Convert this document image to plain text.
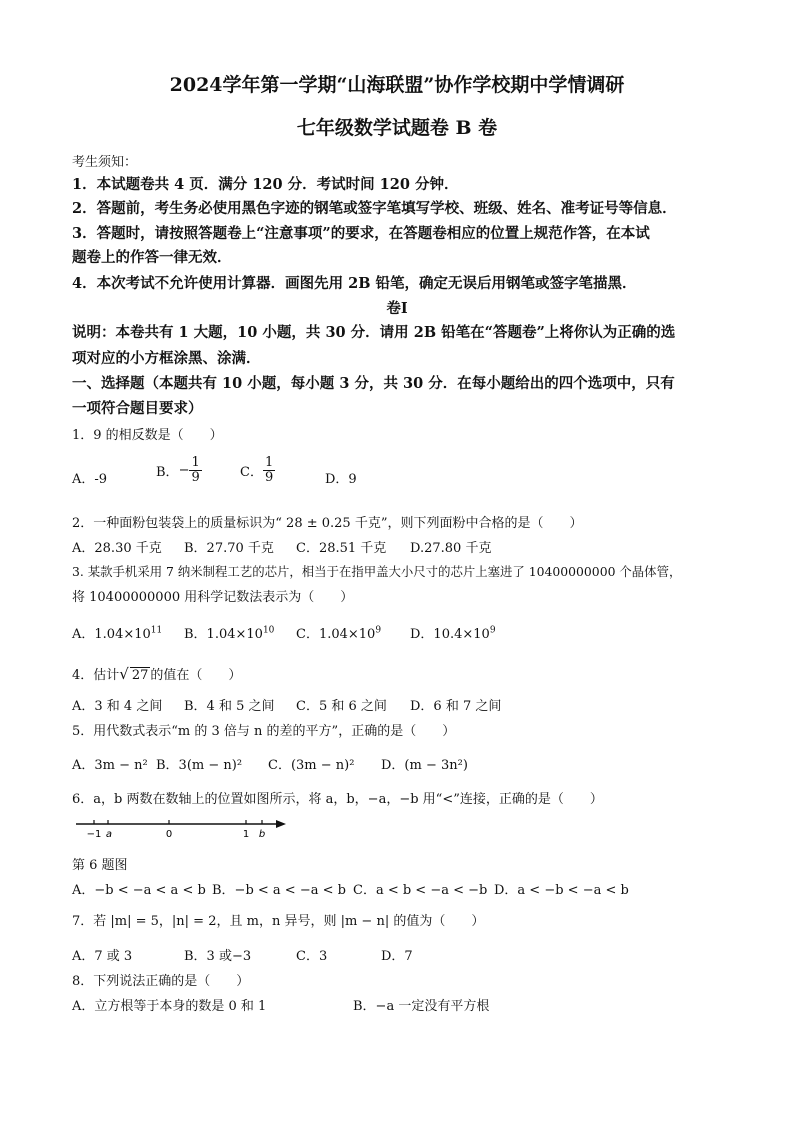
2024学年第一学期“山海联盟”协作学校期中学情调研
七年级数学试题卷 B 卷
考生须知：
1．本试题卷共 4 页．满分 120 分．考试时间 120 分钟．
2．答题前，考生务必使用黑色字迹的钢笔或签字笔填写学校、班级、姓名、准考证号等信息．
3．答题时，请按照答题卷上“注意事项”的要求，在答题卷相应的位置上规范作答，在本试
题卷上的作答一律无效．
4．本次考试不允许使用计算器．画图先用 2B 铅笔，确定无误后用钢笔或签字笔描黑．
卷Ⅰ
说明：本卷共有 1 大题，10 小题，共 30 分．请用 2B 铅笔在“答题卷”上将你认为正确的选
项对应的小方框涂黑、涂满．
一、选择题（本题共有 10 小题，每小题 3 分，共 30 分．在每小题给出的四个选项中，只有
一项符合题目要求）
1．9 的相反数是（　　）
A．-9	B．− $\frac{1}{9}$	C． $\frac{1}{9}$	D．9
2．一种面粉包装袋上的质量标识为“ 28 ± 0.25 千克”，则下列面粉中合格的是（　　）
A．28.30 千克 B．27.70 千克 C．28.51 千克 D.27.80 千克
3. 某款手机采用 7 纳米制程工艺的芯片，相当于在指甲盖大小尺寸的芯片上塞进了 10400000000 个晶体管，
将 10400000000 用科学记数法表示为（　　）
A．$1.04\times 10^{11}$ B．$1.04\times 10^{10}$ C．$1.04\times 10^9$ D．$10.4\times 10^9$
4．估计√ 27 的值在（　　）
A．3 和 4 之间 B．4 和 5 之间 C．5 和 6 之间 D．6 和 7 之间
5．用代数式表示“m 的 3 倍与 n 的差的平方”，正确的是（　　）
A．3m − n² B．3(m − n)² C．(3m − n)² D．(m − 3n²)
6．a，b 两数在数轴上的位置如图所示，将 a，b，−a，−b 用“<”连接，正确的是（　　）
−1 a	0	1 b
第 6 题图
A．−b < −a < a < b B．−b < a < −a < b C．a < b < −a < −b D．a < −b < −a < b
7．若 |m| = 5，|n| = 2，且 m，n 异号，则 |m − n| 的值为（　　）
A．7 或 3	B．3 或−3	C．3	D．7
8．下列说法正确的是（　　）
A．立方根等于本身的数是 0 和 1	B．−a 一定没有平方根
